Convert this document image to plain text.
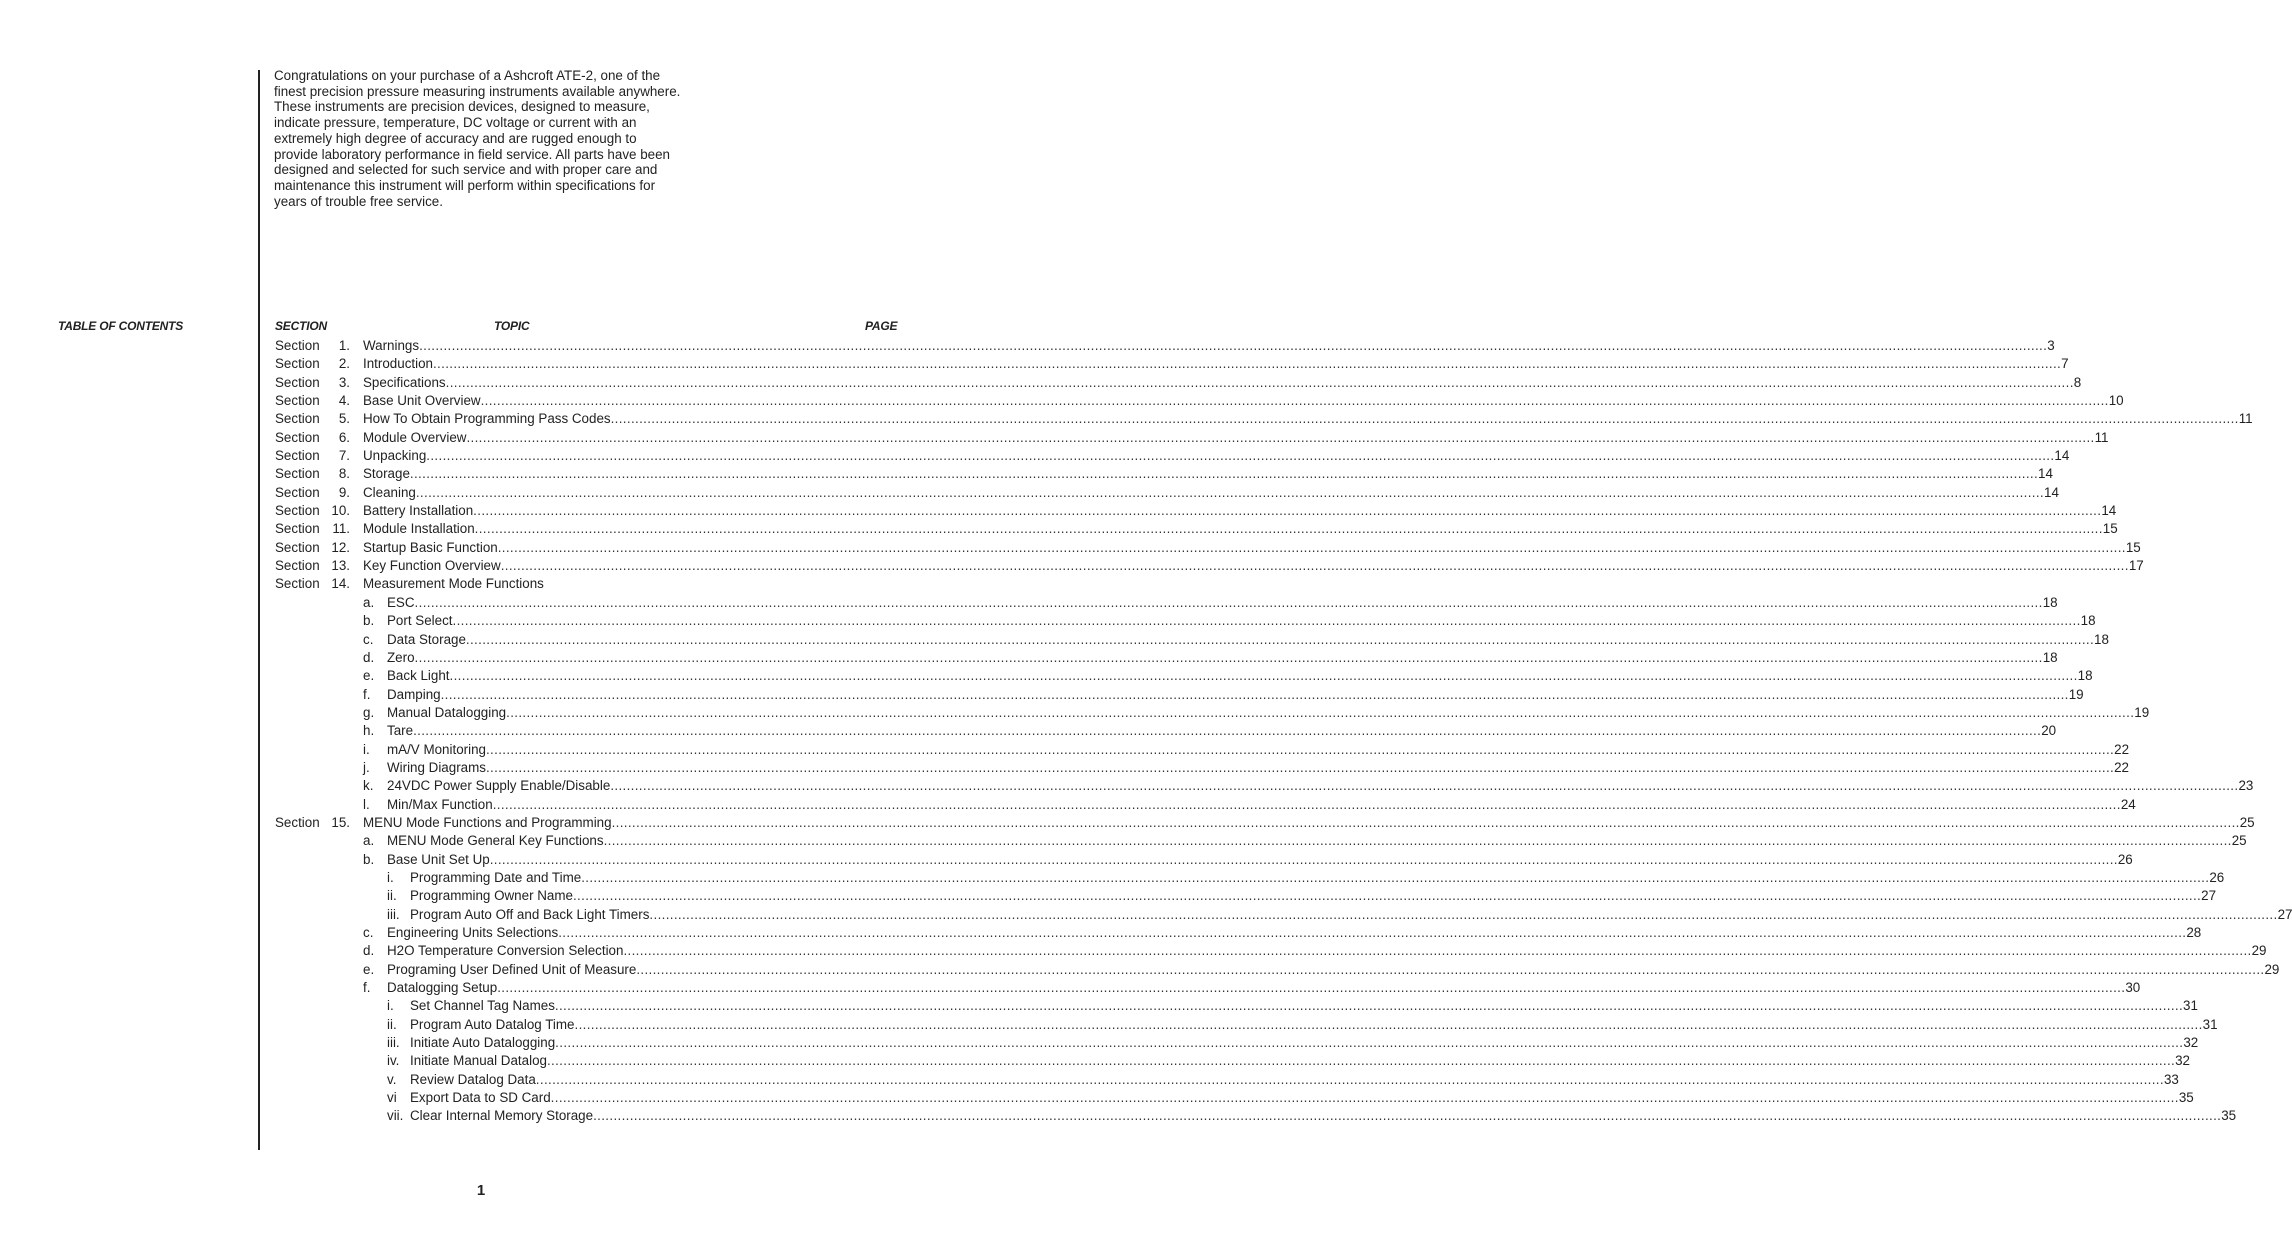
Congratulations on your purchase of a Ashcroft ATE-2, one of the finest precision pressure measuring instruments available anywhere. These instruments are precision devices, designed to measure, indicate pressure, temperature, DC voltage or current with an extremely high degree of accuracy and are rugged enough to provide laboratory performance in field service. All parts have been designed and selected for such service and with proper care and maintenance this instrument will perform within specifications for years of trouble free service.

TABLE OF CONTENTS	SECTION	TOPIC	PAGE
Section	1. Warnings ................................................................................................................................................................................................................................................................................................................................................................................................................ 3
Section	2. Introduction ................................................................................................................................................................................................................................................................................................................................................................................................................ 7
Section	3. Specifications ................................................................................................................................................................................................................................................................................................................................................................................................................ 8
Section	4. Base Unit Overview ................................................................................................................................................................................................................................................................................................................................................................................................................ 10
Section	5. How To Obtain Programming Pass Codes ................................................................................................................................................................................................................................................................................................................................................................................................................ 11
Section	6. Module Overview ................................................................................................................................................................................................................................................................................................................................................................................................................ 11
Section	7. Unpacking ................................................................................................................................................................................................................................................................................................................................................................................................................ 14
Section	8. Storage ................................................................................................................................................................................................................................................................................................................................................................................................................ 14
Section	9. Cleaning ................................................................................................................................................................................................................................................................................................................................................................................................................ 14
Section 10. Battery Installation ................................................................................................................................................................................................................................................................................................................................................................................................................ 14
Section 11. Module Installation ................................................................................................................................................................................................................................................................................................................................................................................................................ 15
Section 12. Startup Basic Function ................................................................................................................................................................................................................................................................................................................................................................................................................ 15
Section 13. Key Function Overview ................................................................................................................................................................................................................................................................................................................................................................................................................ 17
Section 14. Measurement Mode Functions
a. ESC ................................................................................................................................................................................................................................................................................................................................................................................................................ 18
b. Port Select ................................................................................................................................................................................................................................................................................................................................................................................................................ 18
c. Data Storage ................................................................................................................................................................................................................................................................................................................................................................................................................ 18
d. Zero ................................................................................................................................................................................................................................................................................................................................................................................................................ 18
e. Back Light ................................................................................................................................................................................................................................................................................................................................................................................................................ 18
f. Damping ................................................................................................................................................................................................................................................................................................................................................................................................................ 19
g. Manual Datalogging ................................................................................................................................................................................................................................................................................................................................................................................................................ 19
h. Tare ................................................................................................................................................................................................................................................................................................................................................................................................................ 20
i. mA/V Monitoring ................................................................................................................................................................................................................................................................................................................................................................................................................ 22
j. Wiring Diagrams ................................................................................................................................................................................................................................................................................................................................................................................................................ 22
k. 24VDC Power Supply Enable/Disable ................................................................................................................................................................................................................................................................................................................................................................................................................ 23
l. Min/Max Function ................................................................................................................................................................................................................................................................................................................................................................................................................ 24
Section 15. MENU Mode Functions and Programming ................................................................................................................................................................................................................................................................................................................................................................................................................ 25
a. MENU Mode General Key Functions ................................................................................................................................................................................................................................................................................................................................................................................................................ 25
b. Base Unit Set Up ................................................................................................................................................................................................................................................................................................................................................................................................................ 26
i. Programming Date and Time ................................................................................................................................................................................................................................................................................................................................................................................................................ 26
ii. Programming Owner Name ................................................................................................................................................................................................................................................................................................................................................................................................................ 27
iii. Program Auto Off and Back Light Timers ................................................................................................................................................................................................................................................................................................................................................................................................................ 27
c. Engineering Units Selections ................................................................................................................................................................................................................................................................................................................................................................................................................ 28
d. H2O Temperature Conversion Selection ................................................................................................................................................................................................................................................................................................................................................................................................................ 29
e. Programing User Defined Unit of Measure ................................................................................................................................................................................................................................................................................................................................................................................................................ 29
f. Datalogging Setup ................................................................................................................................................................................................................................................................................................................................................................................................................ 30
i. Set Channel Tag Names ................................................................................................................................................................................................................................................................................................................................................................................................................ 31
ii. Program Auto Datalog Time ................................................................................................................................................................................................................................................................................................................................................................................................................ 31
iii. Initiate Auto Datalogging ................................................................................................................................................................................................................................................................................................................................................................................................................ 32
iv. Initiate Manual Datalog ................................................................................................................................................................................................................................................................................................................................................................................................................ 32
v. Review Datalog Data ................................................................................................................................................................................................................................................................................................................................................................................................................ 33
vi Export Data to SD Card ................................................................................................................................................................................................................................................................................................................................................................................................................ 35
vii. Clear Internal Memory Storage ................................................................................................................................................................................................................................................................................................................................................................................................................ 35
1
